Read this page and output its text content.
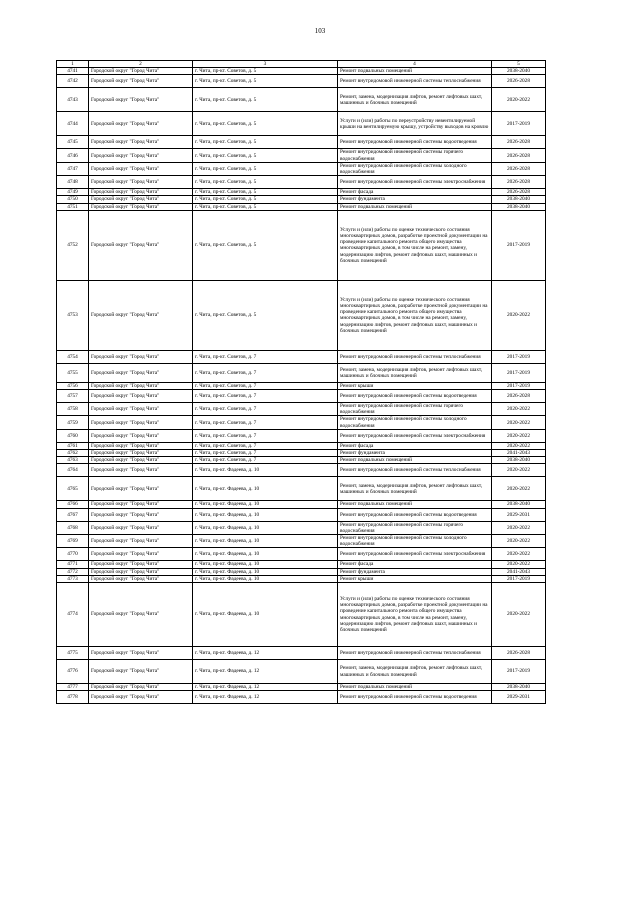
103
1	2	3	4	5
4741	Городской округ "Город Чита"	г. Чита, пр-кт. Советов, д. 5	Ремонт подвальных помещений	2038-2040
4742	Городской округ "Город Чита"	г. Чита, пр-кт. Советов, д. 5	Ремонт внутридомовой инженерной системы теплоснабжения	2026-2028
4743	Городской округ "Город Чита"	г. Чита, пр-кт. Советов, д. 5	Ремонт, замена, модернизация лифтов, ремонт лифтовых шахт, машинных и блочных помещений	2020-2022
4744	Городской округ "Город Чита"	г. Чита, пр-кт. Советов, д. 5	Услуги и (или) работы по переустройству невентилируемой крыши на вентилируемую крышу, устройству выходов на кровлю	2017-2019
4745	Городской округ "Город Чита"	г. Чита, пр-кт. Советов, д. 5	Ремонт внутридомовой инженерной системы водоотведения	2026-2028
4746	Городской округ "Город Чита"	г. Чита, пр-кт. Советов, д. 5	Ремонт внутридомовой инженерной системы горячего водоснабжения	2026-2028
4747	Городской округ "Город Чита"	г. Чита, пр-кт. Советов, д. 5	Ремонт внутридомовой инженерной системы холодного водоснабжения	2026-2028
4748	Городской округ "Город Чита"	г. Чита, пр-кт. Советов, д. 5	Ремонт внутридомовой инженерной системы электроснабжения	2026-2028
4749	Городской округ "Город Чита"	г. Чита, пр-кт. Советов, д. 5	Ремонт фасада	2026-2028
4750	Городской округ "Город Чита"	г. Чита, пр-кт. Советов, д. 5	Ремонт фундамента	2038-2040
4751	Городской округ "Город Чита"	г. Чита, пр-кт. Советов, д. 5	Ремонт подвальных помещений	2038-2040
4752	Городской округ "Город Чита"	г. Чита, пр-кт. Советов, д. 5	Услуги и (или) работы по оценке технического состояния многоквартирных домов, разработке проектной документации на проведение капитального ремонта общего имущества многоквартирных домов, в том числе на ремонт, замену, модернизацию лифтов, ремонт лифтовых шахт, машинных и блочных помещений	2017-2019
4753	Городской округ "Город Чита"	г. Чита, пр-кт. Советов, д. 5	Услуги и (или) работы по оценке технического состояния многоквартирных домов, разработке проектной документации на проведение капитального ремонта общего имущества многоквартирных домов, в том числе на ремонт, замену, модернизацию лифтов, ремонт лифтовых шахт, машинных и блочных помещений	2020-2022
4754	Городской округ "Город Чита"	г. Чита, пр-кт. Советов, д. 7	Ремонт внутридомовой инженерной системы теплоснабжения	2017-2019
4755	Городской округ "Город Чита"	г. Чита, пр-кт. Советов, д. 7	Ремонт, замена, модернизация лифтов, ремонт лифтовых шахт, машинных и блочных помещений	2017-2019
4756	Городской округ "Город Чита"	г. Чита, пр-кт. Советов, д. 7	Ремонт крыши	2017-2019
4757	Городской округ "Город Чита"	г. Чита, пр-кт. Советов, д. 7	Ремонт внутридомовой инженерной системы водоотведения	2026-2028
4758	Городской округ "Город Чита"	г. Чита, пр-кт. Советов, д. 7	Ремонт внутридомовой инженерной системы горячего водоснабжения	2020-2022
4759	Городской округ "Город Чита"	г. Чита, пр-кт. Советов, д. 7	Ремонт внутридомовой инженерной системы холодного водоснабжения	2020-2022
4760	Городской округ "Город Чита"	г. Чита, пр-кт. Советов, д. 7	Ремонт внутридомовой инженерной системы электроснабжения	2020-2022
4761	Городской округ "Город Чита"	г. Чита, пр-кт. Советов, д. 7	Ремонт фасада	2020-2022
4762	Городской округ "Город Чита"	г. Чита, пр-кт. Советов, д. 7	Ремонт фундамента	2041-2043
4763	Городской округ "Город Чита"	г. Чита, пр-кт. Советов, д. 7	Ремонт подвальных помещений	2038-2040
4764	Городской округ "Город Чита"	г. Чита, пр-кт. Фадеева, д. 10	Ремонт внутридомовой инженерной системы теплоснабжения	2020-2022
4765	Городской округ "Город Чита"	г. Чита, пр-кт. Фадеева, д. 10	Ремонт, замена, модернизация лифтов, ремонт лифтовых шахт, машинных и блочных помещений	2020-2022
4766	Городской округ "Город Чита"	г. Чита, пр-кт. Фадеева, д. 10	Ремонт подвальных помещений	2038-2040
4767	Городской округ "Город Чита"	г. Чита, пр-кт. Фадеева, д. 10	Ремонт внутридомовой инженерной системы водоотведения	2029-2031
4768	Городской округ "Город Чита"	г. Чита, пр-кт. Фадеева, д. 10	Ремонт внутридомовой инженерной системы горячего водоснабжения	2020-2022
4769	Городской округ "Город Чита"	г. Чита, пр-кт. Фадеева, д. 10	Ремонт внутридомовой инженерной системы холодного водоснабжения	2020-2022
4770	Городской округ "Город Чита"	г. Чита, пр-кт. Фадеева, д. 10	Ремонт внутридомовой инженерной системы электроснабжения	2020-2022
4771	Городской округ "Город Чита"	г. Чита, пр-кт. Фадеева, д. 10	Ремонт фасада	2020-2022
4772	Городской округ "Город Чита"	г. Чита, пр-кт. Фадеева, д. 10	Ремонт фундамента	2041-2043
4773	Городской округ "Город Чита"	г. Чита, пр-кт. Фадеева, д. 10	Ремонт крыши	2017-2019
4774	Городской округ "Город Чита"	г. Чита, пр-кт. Фадеева, д. 10	Услуги и (или) работы по оценке технического состояния многоквартирных домов, разработке проектной документации на проведение капитального ремонта общего имущества многоквартирных домов, в том числе на ремонт, замену, модернизацию лифтов, ремонт лифтовых шахт, машинных и блочных помещений	2020-2022
4775	Городской округ "Город Чита"	г. Чита, пр-кт. Фадеева, д. 12	Ремонт внутридомовой инженерной системы теплоснабжения	2026-2028
4776	Городской округ "Город Чита"	г. Чита, пр-кт. Фадеева, д. 12	Ремонт, замена, модернизация лифтов, ремонт лифтовых шахт, машинных и блочных помещений	2017-2019
4777	Городской округ "Город Чита"	г. Чита, пр-кт. Фадеева, д. 12	Ремонт подвальных помещений	2038-2040
4778	Городской округ "Город Чита"	г. Чита, пр-кт. Фадеева, д. 12	Ремонт внутридомовой инженерной системы водоотведения	2029-2031
